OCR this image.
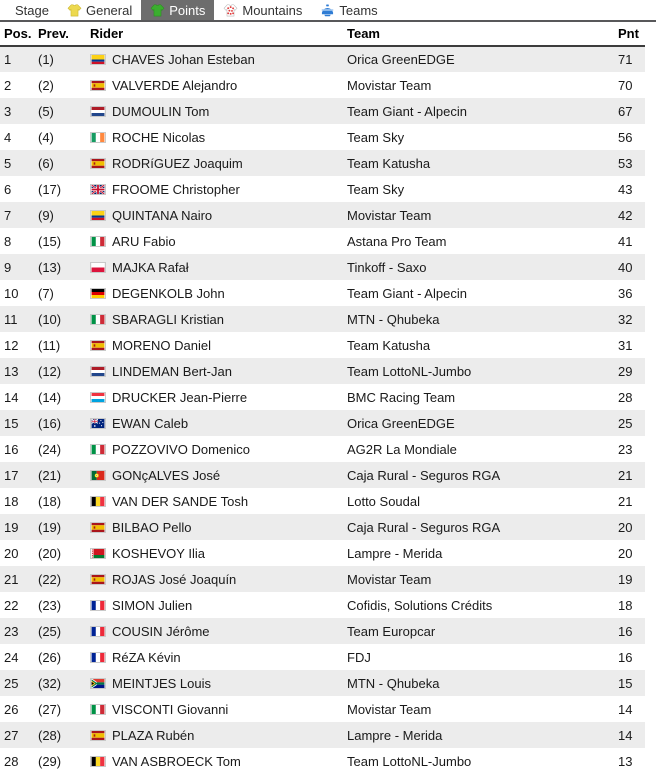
Stage	General	Points	Mountains	Teams
Pos.	Prev.	Rider	Team	Pnt
1	(1)	CHAVES Johan Esteban	Orica GreenEDGE	71
2	(2)	VALVERDE Alejandro	Movistar Team	70
3	(5)	DUMOULIN Tom	Team Giant - Alpecin	67
4	(4)	ROCHE Nicolas	Team Sky	56
5	(6)	RODRíGUEZ Joaquim	Team Katusha	53
6	(17)	FROOME Christopher	Team Sky	43
7	(9)	QUINTANA Nairo	Movistar Team	42
8	(15)	ARU Fabio	Astana Pro Team	41
9	(13)	MAJKA Rafał	Tinkoff - Saxo	40
10	(7)	DEGENKOLB John	Team Giant - Alpecin	36
11	(10)	SBARAGLI Kristian	MTN - Qhubeka	32
12	(11)	MORENO Daniel	Team Katusha	31
13	(12)	LINDEMAN Bert-Jan	Team LottoNL-Jumbo	29
14	(14)	DRUCKER Jean-Pierre	BMC Racing Team	28
15	(16)	EWAN Caleb	Orica GreenEDGE	25
16	(24)	POZZOVIVO Domenico	AG2R La Mondiale	23
17	(21)	GONçALVES José	Caja Rural - Seguros RGA	21
18	(18)	VAN DER SANDE Tosh	Lotto Soudal	21
19	(19)	BILBAO Pello	Caja Rural - Seguros RGA	20
20	(20)	KOSHEVOY Ilia	Lampre - Merida	20
21	(22)	ROJAS José Joaquín	Movistar Team	19
22	(23)	SIMON Julien	Cofidis, Solutions Crédits	18
23	(25)	COUSIN Jérôme	Team Europcar	16
24	(26)	RéZA Kévin	FDJ	16
25	(32)	MEINTJES Louis	MTN - Qhubeka	15
26	(27)	VISCONTI Giovanni	Movistar Team	14
27	(28)	PLAZA Rubén	Lampre - Merida	14
28	(29)	VAN ASBROECK Tom	Team LottoNL-Jumbo	13
